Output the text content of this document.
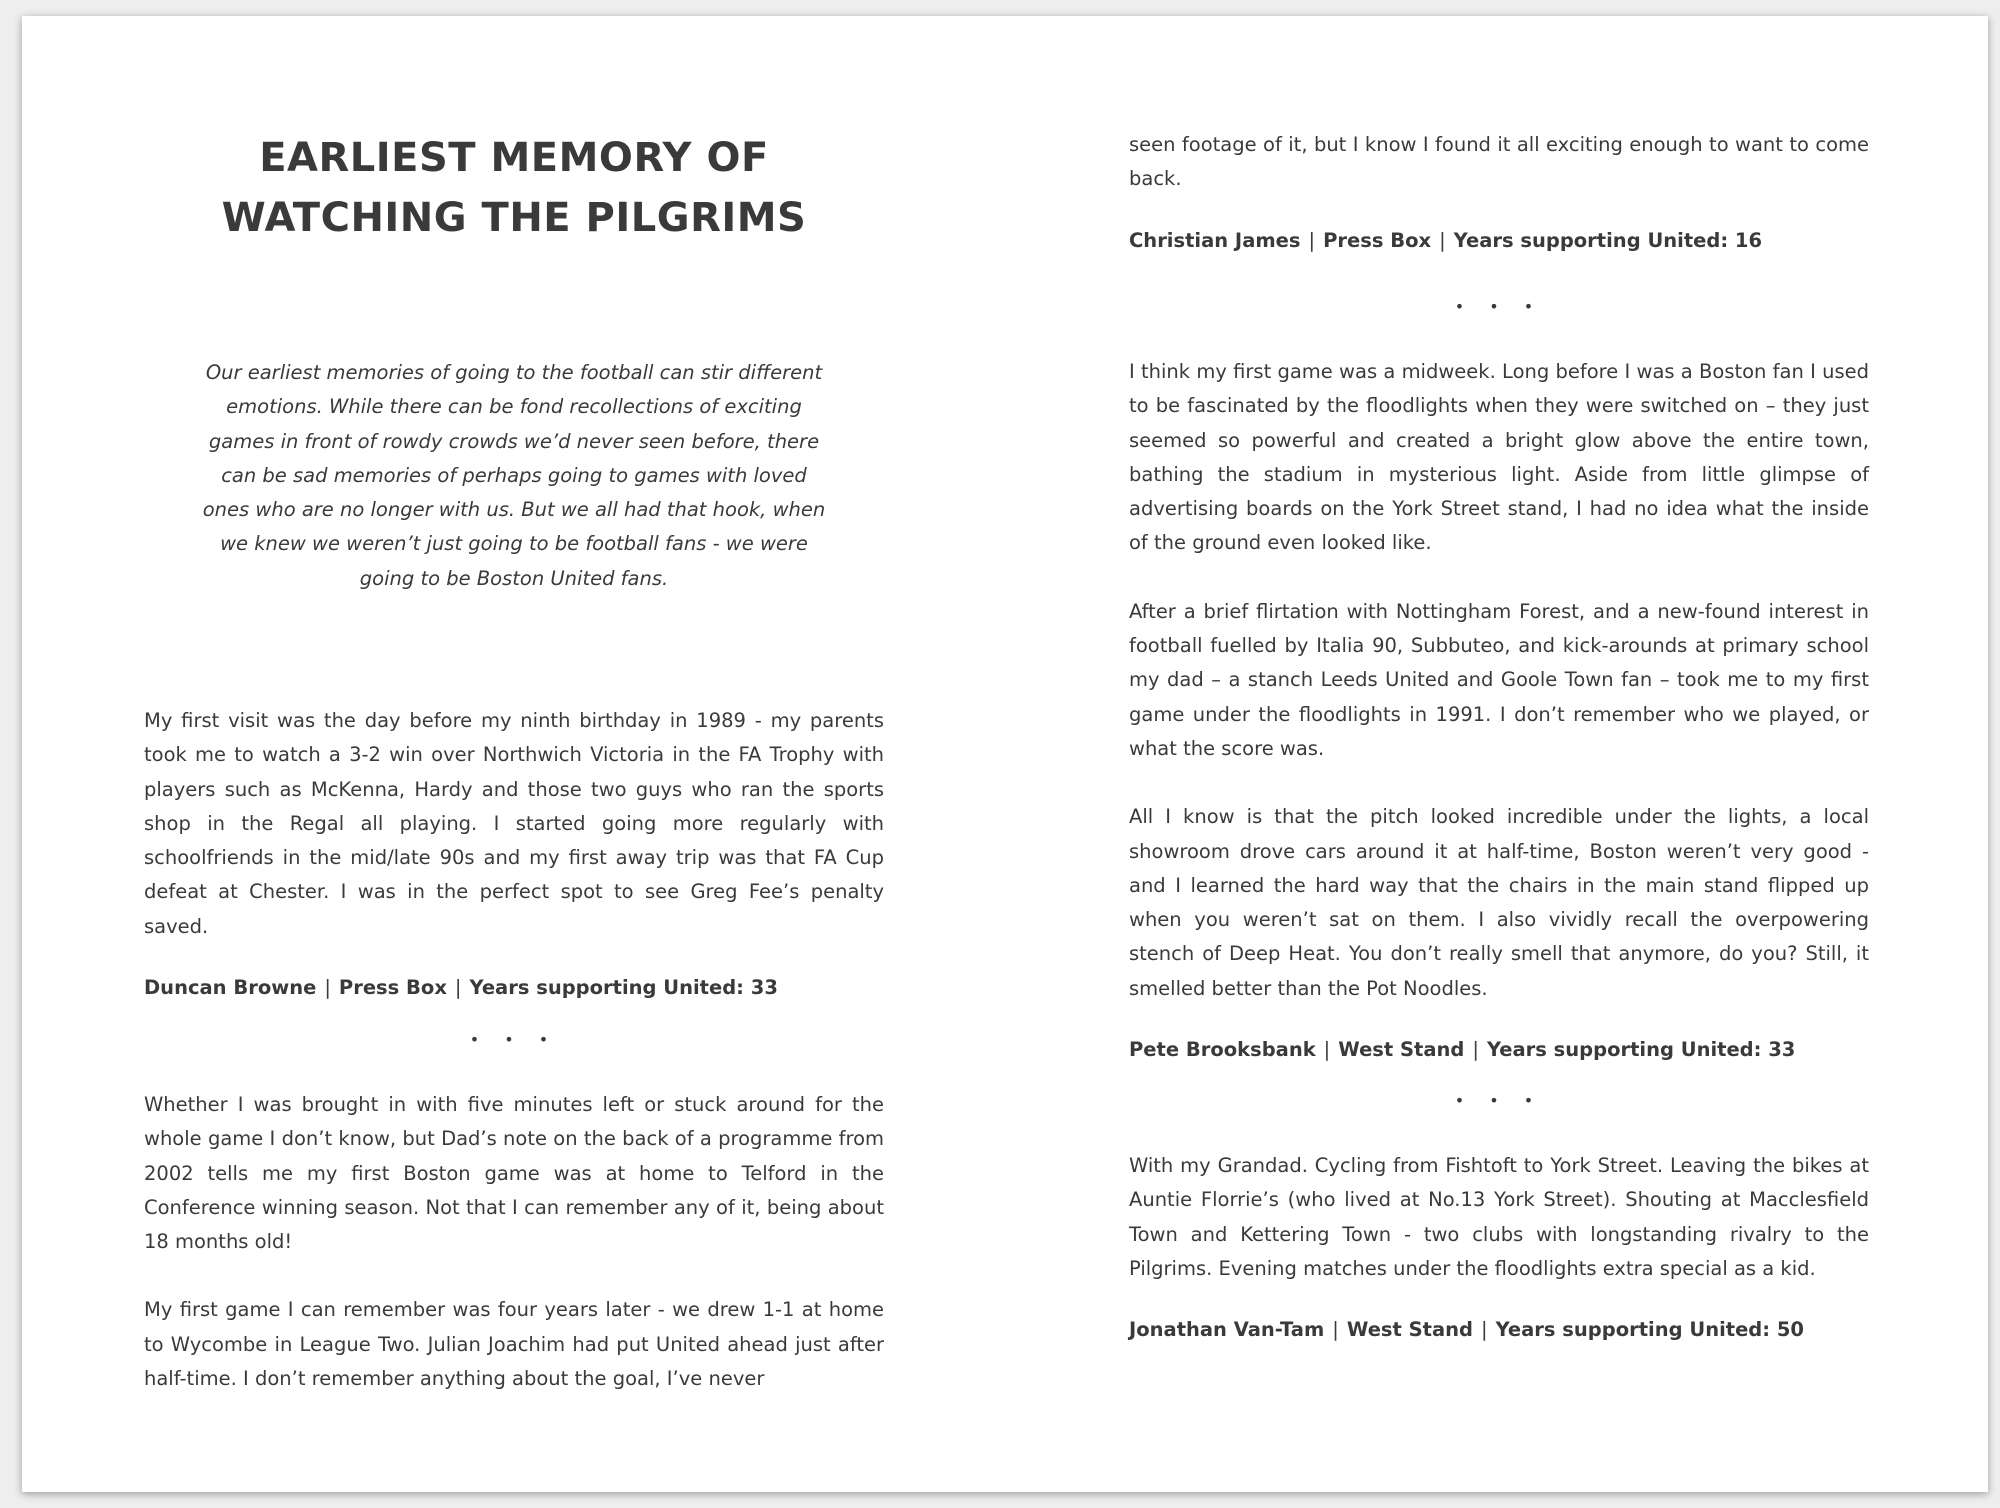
EARLIEST MEMORY OF
WATCHING THE PILGRIMS

Our earliest memories of going to the football can stir different emotions. While there can be fond recollections of exciting games in front of rowdy crowds we’d never seen before, there can be sad memories of perhaps going to games with loved ones who are no longer with us. But we all had that hook, when we knew we weren’t just going to be football fans - we were going to be Boston United fans.

My first visit was the day before my ninth birthday in 1989 - my parents took me to watch a 3-2 win over Northwich Victoria in the FA Trophy with players such as McKenna, Hardy and those two guys who ran the sports shop in the Regal all playing. I started going more regularly with schoolfriends in the mid/late 90s and my first away trip was that FA Cup defeat at Chester. I was in the perfect spot to see Greg Fee’s penalty saved.

Duncan Browne | Press Box | Years supporting United: 33

• • •

Whether I was brought in with five minutes left or stuck around for the whole game I don’t know, but Dad’s note on the back of a programme from 2002 tells me my first Boston game was at home to Telford in the Conference winning season. Not that I can remember any of it, being about 18 months old!

My first game I can remember was four years later - we drew 1-1 at home to Wycombe in League Two. Julian Joachim had put United ahead just after half-time. I don’t remember anything about the goal, I’ve never

seen footage of it, but I know I found it all exciting enough to want to come back.

Christian James | Press Box | Years supporting United: 16

• • •

I think my first game was a midweek. Long before I was a Boston fan I used to be fascinated by the floodlights when they were switched on – they just seemed so powerful and created a bright glow above the entire town, bathing the stadium in mysterious light. Aside from little glimpse of advertising boards on the York Street stand, I had no idea what the inside of the ground even looked like.

After a brief flirtation with Nottingham Forest, and a new-found interest in football fuelled by Italia 90, Subbuteo, and kick-arounds at primary school my dad – a stanch Leeds United and Goole Town fan – took me to my first game under the floodlights in 1991. I don’t remember who we played, or what the score was.

All I know is that the pitch looked incredible under the lights, a local showroom drove cars around it at half-time, Boston weren’t very good - and I learned the hard way that the chairs in the main stand flipped up when you weren’t sat on them. I also vividly recall the overpowering stench of Deep Heat. You don’t really smell that anymore, do you? Still, it smelled better than the Pot Noodles.

Pete Brooksbank | West Stand | Years supporting United: 33

• • •

With my Grandad. Cycling from Fishtoft to York Street. Leaving the bikes at Auntie Florrie’s (who lived at No.13 York Street). Shouting at Macclesfield Town and Kettering Town - two clubs with longstanding rivalry to the Pilgrims. Evening matches under the floodlights extra special as a kid.

Jonathan Van-Tam | West Stand | Years supporting United: 50
